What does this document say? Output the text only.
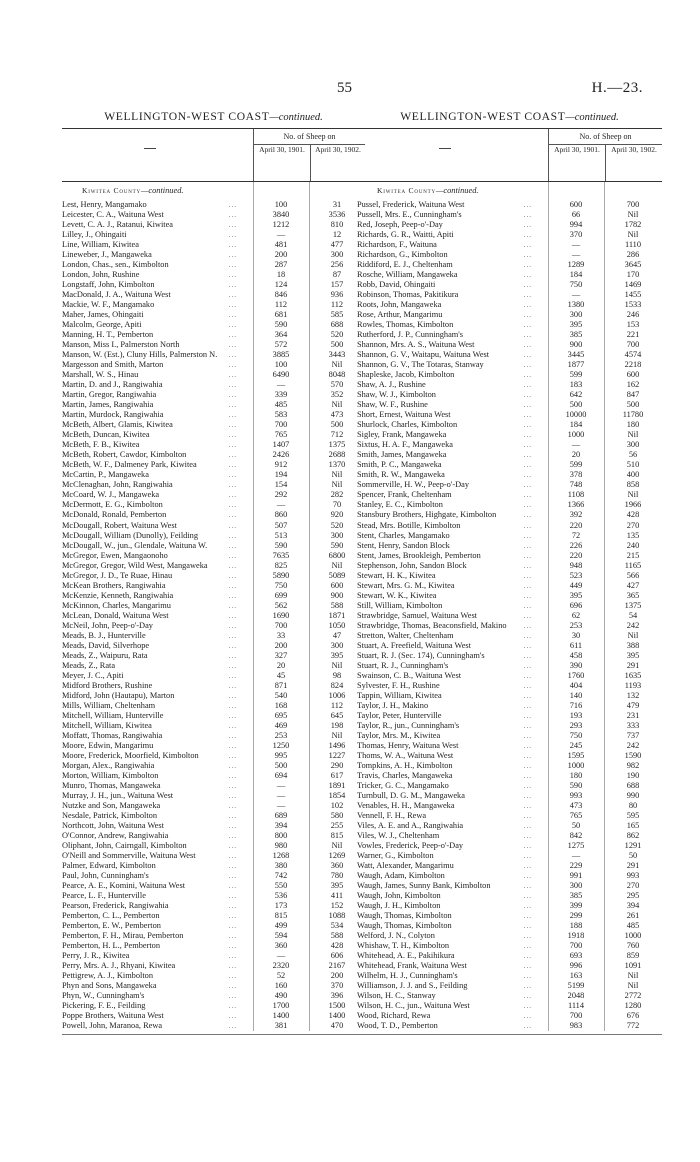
55	H.—23.
WELLINGTON-WEST COAST—continued.
No. of Sheep on
April 30, 1901.	April 30, 1902.
Kiwitea County—continued.
Lest, Henry, Mangamako	...	100	31
Leicester, C. A., Waituna West	...	3840	3536
Levett, C. A. J., Ratanui, Kiwitea	...	1212	810
Lilley, J., Ohingaiti	...	—	12
Line, William, Kiwitea	...	481	477
Lineweber, J., Mangaweka	...	200	300
London, Chas., sen., Kimbolton	...	287	256
London, John, Rushine	...	18	87
Longstaff, John, Kimbolton	...	124	157
MacDonald, J. A., Waituna West	...	846	936
Mackie, W. F., Mangamako	...	112	112
Maher, James, Ohingaiti	...	681	585
Malcolm, George, Apiti	...	590	688
Manning, H. T., Pemberton	...	364	520
Manson, Miss I., Palmerston North	...	572	500
Manson, W. (Est.), Cluny Hills, Palmerston N. ...	3885	3443
Margesson and Smith, Marton	...	100	Nil
Marshall, W. S., Hinau	...	6490	8048
Martin, D. and J., Rangiwahia	...	—	570
Martin, Gregor, Rangiwahia	...	339	352
Martin, James, Rangiwahia	...	485	Nil
Martin, Murdock, Rangiwahia	...	583	473
McBeth, Albert, Glamis, Kiwitea	...	700	500
McBeth, Duncan, Kiwitea	...	765	712
McBeth, F. B., Kiwitea	...	1407	1375
McBeth, Robert, Cawdor, Kimbolton	...	2426	2688
McBeth, W. F., Dalmeney Park, Kiwitea	...	912	1370
McCartin, P., Mangaweka	...	194	Nil
McClenaghan, John, Rangiwahia	...	154	Nil
McCoard, W. J., Mangaweka	...	292	282
McDermott, E. G., Kimbolton	...	—	70
McDonald, Ronald, Pemberton	...	860	920
McDougall, Robert, Waituna West	...	507	520
McDougall, William (Dunolly), Feilding	...	513	300
McDougall, W., jun., Glendale, Waituna W.	...	590	590
McGregor, Ewen, Mangaonoho	...	7635	6800
McGregor, Gregor, Wild West, Mangaweka	...	825	Nil
McGregor, J. D., Te Ruae, Hinau	...	5890	5089
McKean Brothers, Rangiwahia	...	750	600
McKenzie, Kenneth, Rangiwahia	...	699	900
McKinnon, Charles, Mangarimu	...	562	588
McLean, Donald, Waituna West	...	1690	1871
McNeil, John, Peep-o'-Day	...	700	1050
Meads, B. J., Hunterville	...	33	47
Meads, David, Silverhope	...	200	300
Meads, Z., Waipuru, Rata	...	327	395
Meads, Z., Rata	...	20	Nil
Meyer, J. C., Apiti	...	45	98
Midford Brothers, Rushine	...	871	824
Midford, John (Hautapu), Marton	...	540	1006
Mills, William, Cheltenham	...	168	112
Mitchell, William, Hunterville	...	695	645
Mitchell, William, Kiwitea	...	469	198
Moffatt, Thomas, Rangiwahia	...	253	Nil
Moore, Edwin, Mangarimu	...	1250	1496
Moore, Frederick, Moorfield, Kimbolton	...	995	1227
Morgan, Alex., Rangiwahia	...	500	290
Morton, William, Kimbolton	...	694	617
Munro, Thomas, Mangaweka	...	—	1891
Murray, J. H., jun., Waituna West	...	—	1854
Nutzke and Son, Mangaweka	...	—	102
Nesdale, Patrick, Kimbolton	...	689	580
Northcott, John, Waituna West	...	394	255
O'Connor, Andrew, Rangiwahia	...	800	815
Oliphant, John, Cairngall, Kimbolton	...	980	Nil
O'Neill and Sommerville, Waituna West	...	1268	1269
Palmer, Edward, Kimbolton	...	380	360
Paul, John, Cunningham's	...	742	780
Pearce, A. E., Komini, Waituna West	...	550	395
Pearce, L. F., Hunterville	...	536	411
Pearson, Frederick, Rangiwahia	...	173	152
Pemberton, C. L., Pemberton	...	815	1088
Pemberton, E. W., Pemberton	...	499	534
Pemberton, F. H., Mirau, Pemberton	...	594	588
Pemberton, H. L., Pemberton	...	360	428
Perry, J. R., Kiwitea	...	—	606
Perry, Mrs. A. J., Rhyani, Kiwitea	...	2320	2167
Pettigrew, A. J., Kimbolton	...	52	200
Phyn and Sons, Mangaweka	...	160	370
Phyn, W., Cunningham's	...	490	396
Pickering, F. E., Feilding	...	1700	1500
Poppe Brothers, Waituna West	...	1400	1400
Powell, John, Maranoa, Rewa	...	381	470
WELLINGTON-WEST COAST—continued.
No. of Sheep on
April 30, 1901.	April 30, 1902.
Kiwitea County—continued.
Pussel, Frederick, Waituna West	...	600	700
Pussell, Mrs. E., Cunningham's	...	66	Nil
Red, Joseph, Peep-o'-Day	...	994	1782
Richards, G. R., Waitti, Apiti	...	370	Nil
Richardson, F., Waituna	...	—	1110
Richardson, G., Kimbolton	...	—	286
Riddiford, E. J., Cheltenham	...	1289	3645
Rosche, William, Mangaweka	...	184	170
Robb, David, Ohingaiti	...	750	1469
Robinson, Thomas, Pakitikura	...	—	1455
Roots, John, Mangaweka	...	1380	1533
Rose, Arthur, Mangarimu	...	300	246
Rowles, Thomas, Kimbolton	...	395	153
Rutherford, J. P., Cunningham's	...	385	221
Shannon, Mrs. A. S., Waituna West	...	900	700
Shannon, G. V., Waitapu, Waituna West	...	3445	4574
Shannon, G. V., The Totaras, Stanway	...	1877	2218
Shapleske, Jacob, Kimbolton	...	599	600
Shaw, A. J., Rushine	...	183	162
Shaw, W. J., Kimbolton	...	642	847
Shaw, W. F., Rushine	...	500	500
Short, Ernest, Waituna West	...	10000	11780
Shurlock, Charles, Kimbolton	...	184	180
Sigley, Frank, Mangaweka	...	1000	Nil
Sixtus, H. A. F., Mangaweka	...	—	300
Smith, James, Mangaweka	...	20	56
Smith, P. C., Mangaweka	...	599	510
Smith, R. W., Mangaweka	...	378	400
Sommerville, H. W., Peep-o'-Day	...	748	858
Spencer, Frank, Cheltenham	...	1108	Nil
Stanley, E. C., Kimbolton	...	1366	1966
Stansbury Brothers, Highgate, Kimbolton	...	392	428
Stead, Mrs. Botille, Kimbolton	...	220	270
Stent, Charles, Mangamako	...	72	135
Stent, Henry, Sandon Block	...	226	240
Stent, James, Brookleigh, Pemberton	...	220	215
Stephenson, John, Sandon Block	...	948	1165
Stewart, H. K., Kiwitea	...	523	566
Stewart, Mrs. G. M., Kiwitea	...	449	427
Stewart, W. K., Kiwitea	...	395	365
Still, William, Kimbolton	...	696	1375
Strawbridge, Samuel, Waituna West	...	62	54
Strawbridge, Thomas, Beaconsfield, Makino ...	253	242
Stretton, Walter, Cheltenham	...	30	Nil
Stuart, A. Freefield, Waituna West	...	611	388
Stuart, R. J. (Sec. 174), Cunningham's	...	458	395
Stuart, R. J., Cunningham's	...	390	291
Swainson, C. B., Waituna West	...	1760	1635
Sylvester, F. H., Rushine	...	404	1193
Tappin, William, Kiwitea	...	140	132
Taylor, J. H., Makino	...	716	479
Taylor, Peter, Hunterville	...	193	231
Taylor, R., jun., Cunningham's	...	293	333
Taylor, Mrs. M., Kiwitea	...	750	737
Thomas, Henry, Waituna West	...	245	242
Thoms, W. A., Waituna West	...	1595	1590
Tompkins, A. H., Kimbolton	...	1000	982
Travis, Charles, Mangaweka	...	180	190
Tricker, G. C., Mangamako	...	590	688
Turnbull, D. G. M., Mangaweka	...	993	990
Venables, H. H., Mangaweka	...	473	80
Vennell, F. H., Rewa	...	765	595
Viles, A. E. and A., Rangiwahia	...	50	165
Viles, W. J., Cheltenham	...	842	862
Vowles, Frederick, Peep-o'-Day	...	1275	1291
Warner, G., Kimbolton	...	—	50
Watt, Alexander, Mangarimu	...	229	291
Waugh, Adam, Kimbolton	...	991	993
Waugh, James, Sunny Bank, Kimbolton	...	300	270
Waugh, John, Kimbolton	...	385	295
Waugh, J. H., Kimbolton	...	399	394
Waugh, Thomas, Kimbolton	...	299	261
Waugh, Thomas, Kimbolton	...	188	485
Welford, J. N., Colyton	...	1918	1000
Whishaw, T. H., Kimbolton	...	700	760
Whitehead, A. E., Pakihikura	...	693	859
Whitehead, Frank, Waituna West	...	996	1091
Wilhelm, H. J., Cunningham's	...	163	Nil
Williamson, J. J. and S., Feilding	...	5199	Nil
Wilson, H. C., Stanway	...	2048	2772
Wilson, H. C., jun., Waituna West	...	1114	1280
Wood, Richard, Rewa	...	700	676
Wood, T. D., Pemberton	...	983	772
